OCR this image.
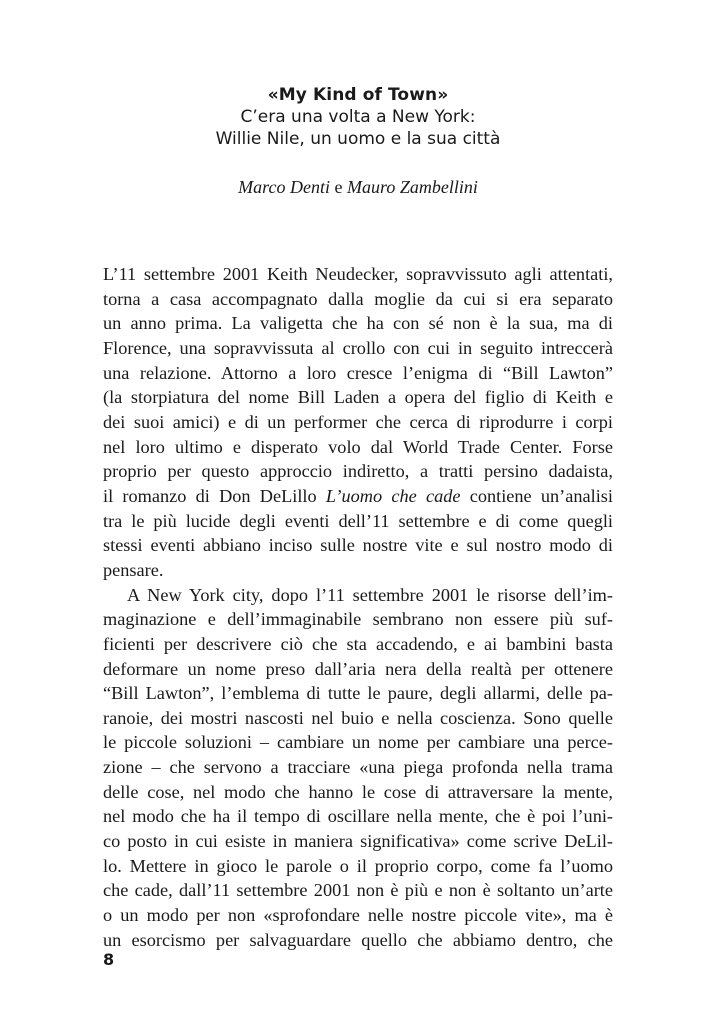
«My Kind of Town»
C’era una volta a New York:
Willie Nile, un uomo e la sua città
Marco Denti e Mauro Zambellini
L’11 settembre 2001 Keith Neudecker, sopravvissuto agli attentati,
torna a casa accompagnato dalla moglie da cui si era separato
un anno prima. La valigetta che ha con sé non è la sua, ma di
Florence, una sopravvissuta al crollo con cui in seguito intreccerà
una relazione. Attorno a loro cresce l’enigma di “Bill Lawton”
(la storpiatura del nome Bill Laden a opera del figlio di Keith e
dei suoi amici) e di un performer che cerca di riprodurre i corpi
nel loro ultimo e disperato volo dal World Trade Center. Forse
proprio per questo approccio indiretto, a tratti persino dadaista,
il romanzo di Don DeLillo L’uomo che cade contiene un’analisi
tra le più lucide degli eventi dell’11 settembre e di come quegli
stessi eventi abbiano inciso sulle nostre vite e sul nostro modo di
pensare.
A New York city, dopo l’11 settembre 2001 le risorse dell’im-
maginazione e dell’immaginabile sembrano non essere più suf-
ficienti per descrivere ciò che sta accadendo, e ai bambini basta
deformare un nome preso dall’aria nera della realtà per ottenere
“Bill Lawton”, l’emblema di tutte le paure, degli allarmi, delle pa-
ranoie, dei mostri nascosti nel buio e nella coscienza. Sono quelle
le piccole soluzioni – cambiare un nome per cambiare una perce-
zione – che servono a tracciare «una piega profonda nella trama
delle cose, nel modo che hanno le cose di attraversare la mente,
nel modo che ha il tempo di oscillare nella mente, che è poi l’uni-
co posto in cui esiste in maniera significativa» come scrive DeLil-
lo. Mettere in gioco le parole o il proprio corpo, come fa l’uomo
che cade, dall’11 settembre 2001 non è più e non è soltanto un’arte
o un modo per non «sprofondare nelle nostre piccole vite», ma è
un esorcismo per salvaguardare quello che abbiamo dentro, che
8
